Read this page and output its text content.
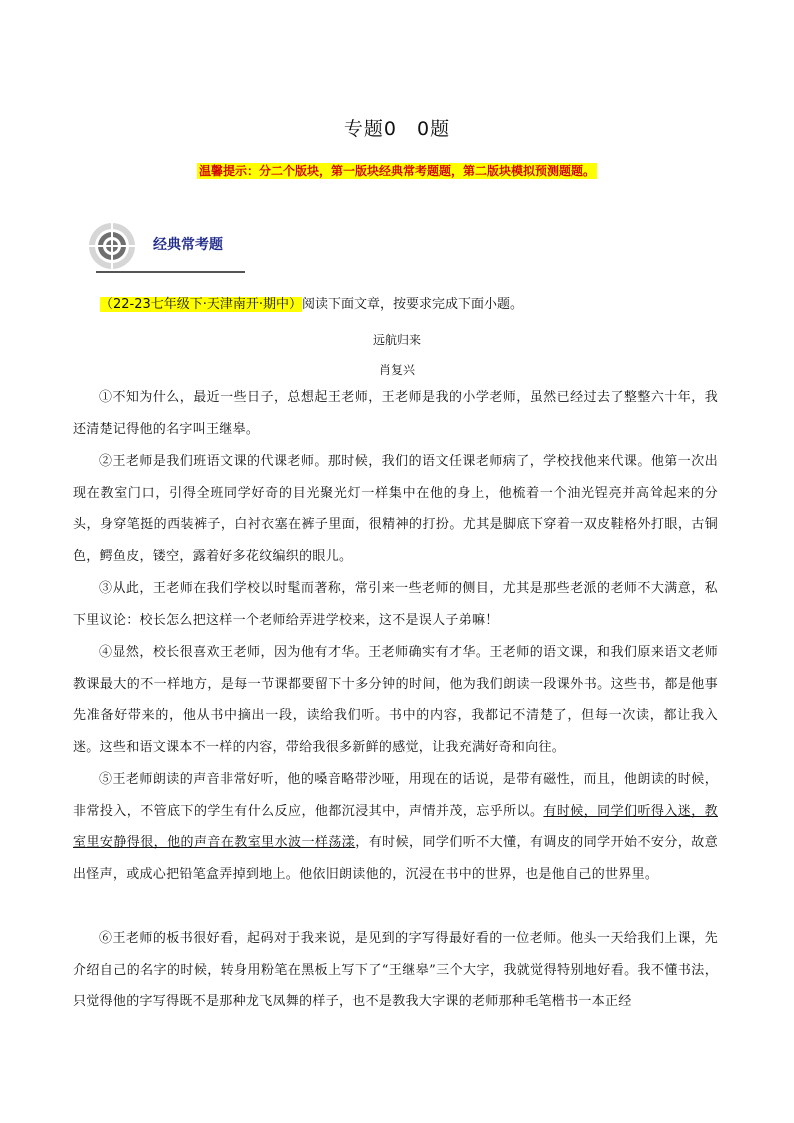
专题0　0题
温馨提示：分二个版块，第一版块经典常考题题，第二版块模拟预测题题。
经典常考题
（22-23七年级下·天津南开·期中）阅读下面文章，按要求完成下面小题。
远航归来
肖复兴

①不知为什么，最近一些日子，总想起王老师，王老师是我的小学老师，虽然已经过去了整整六十年，我还清楚记得他的名字叫王继皋。

②王老师是我们班语文课的代课老师。那时候，我们的语文任课老师病了，学校找他来代课。他第一次出现在教室门口，引得全班同学好奇的目光聚光灯一样集中在他的身上，他梳着一个油光锃亮并高耸起来的分头，身穿笔挺的西装裤子，白衬衣塞在裤子里面，很精神的打扮。尤其是脚底下穿着一双皮鞋格外打眼，古铜色，鳄鱼皮，镂空，露着好多花纹编织的眼儿。

③从此，王老师在我们学校以时髦而著称，常引来一些老师的侧目，尤其是那些老派的老师不大满意，私下里议论：校长怎么把这样一个老师给弄进学校来，这不是误人子弟嘛！

④显然，校长很喜欢王老师，因为他有才华。王老师确实有才华。王老师的语文课，和我们原来语文老师教课最大的不一样地方，是每一节课都要留下十多分钟的时间，他为我们朗读一段课外书。这些书，都是他事先准备好带来的，他从书中摘出一段，读给我们听。书中的内容，我都记不清楚了，但每一次读，都让我入迷。这些和语文课本不一样的内容，带给我很多新鲜的感觉，让我充满好奇和向往。

⑤王老师朗读的声音非常好听，他的嗓音略带沙哑，用现在的话说，是带有磁性，而且，他朗读的时候，非常投入，不管底下的学生有什么反应，他都沉浸其中，声情并茂，忘乎所以。有时候，同学们听得入迷，教室里安静得很，他的声音在教室里水波一样荡漾，有时候，同学们听不大懂，有调皮的同学开始不安分，故意出怪声，或成心把铅笔盒弄掉到地上。他依旧朗读他的，沉浸在书中的世界，也是他自己的世界里。

⑥王老师的板书很好看，起码对于我来说，是见到的字写得最好看的一位老师。他头一天给我们上课，先介绍自己的名字的时候，转身用粉笔在黑板上写下了“王继皋”三个大字，我就觉得特别地好看。我不懂书法，只觉得他的字写得既不是那种龙飞凤舞的样子，也不是教我大字课的老师那种毛笔楷书一本正经
